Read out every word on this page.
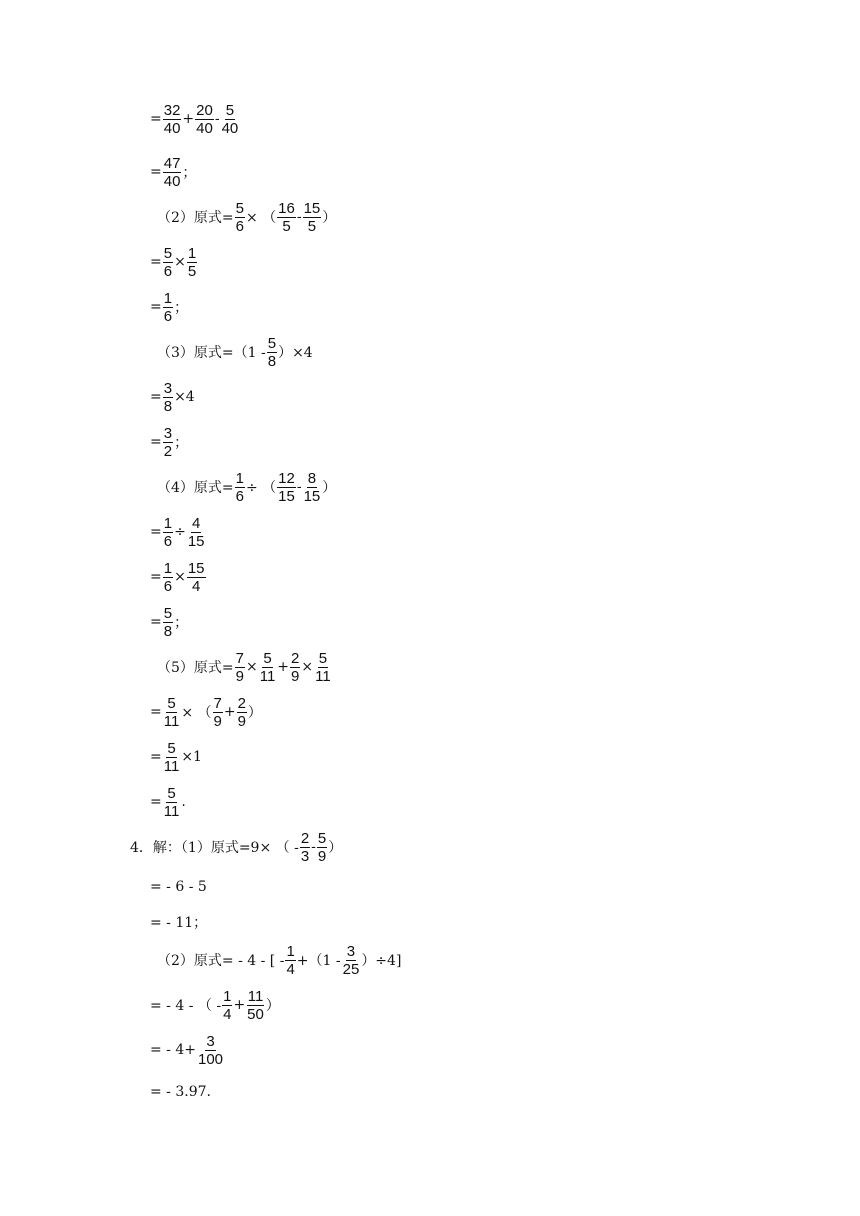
= $\frac{32}{40} + \frac{20}{40} - \frac{5}{40}$
= $\frac{47}{40}$ ；
（2）原式= $\frac{5}{6}$ × （ $\frac{16}{5} - \frac{15}{5}$ ）
= $\frac{5}{6} \times \frac{1}{5}$
= $\frac{1}{6}$ ；
（3）原式$=(1 - \frac{5}{8} )\times 4$
= $\frac{3}{8} \times 4$
= $\frac{3}{2}$ ；
（4）原式= $\frac{1}{6}$ ÷ （ $\frac{12}{15} - \frac{8}{15}$ ）
= $\frac{1}{6} \div \frac{4}{15}$
= $\frac{1}{6} \times \frac{15}{4}$
= $\frac{5}{8}$ ；
（5）原式= $\frac{7}{9} \times \frac{5}{11} + \frac{2}{9} \times \frac{5}{11}$
= $\frac{5}{11}$ × （ $\frac{7}{9} + \frac{2}{9}$ ）
= $\frac{5}{11} \times 1$
= $\frac{5}{11}$ .
4．解：（1）原式=9× （ - $\frac{2}{3} - \frac{5}{9}$ ）
= - 6 - 5
= - 11；
（2）原式= - 4 - [ - $\frac{1}{4} +(1 - \frac{3}{25} )\div 4$]
= - 4 - （ - $\frac{1}{4} + \frac{11}{50}$ ）
= - $4+ \frac{3}{100}$
= - 3.97.
